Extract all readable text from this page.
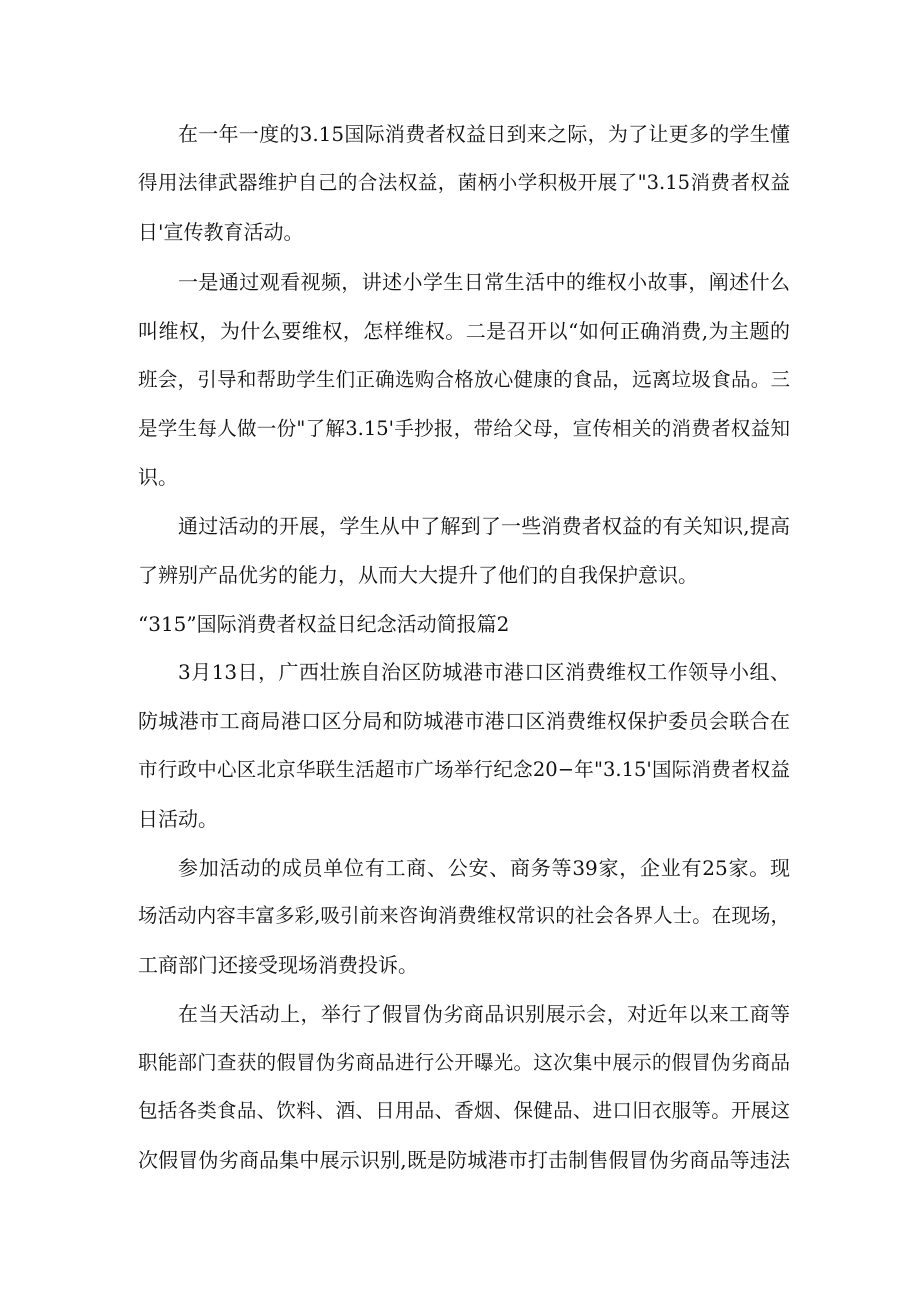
在一年一度的3.15国际消费者权益日到来之际，为了让更多的学生懂
得用法律武器维护自己的合法权益，菌柄小学积极开展了"3.15消费者权益
日'宣传教育活动。
一是通过观看视频，讲述小学生日常生活中的维权小故事，阐述什么
叫维权，为什么要维权，怎样维权。二是召开以“如何正确消费,为主题的
班会，引导和帮助学生们正确选购合格放心健康的食品，远离垃圾食品。三
是学生每人做一份"了解3.15'手抄报，带给父母，宣传相关的消费者权益知
识。
通过活动的开展，学生从中了解到了一些消费者权益的有关知识,提高
了辨别产品优劣的能力，从而大大提升了他们的自我保护意识。
“315”国际消费者权益日纪念活动简报篇2
3月13日，广西壮族自治区防城港市港口区消费维权工作领导小组、
防城港市工商局港口区分局和防城港市港口区消费维权保护委员会联合在
市行政中心区北京华联生活超市广场举行纪念20−年"3.15'国际消费者权益
日活动。
参加活动的成员单位有工商、公安、商务等39家，企业有25家。现
场活动内容丰富多彩,吸引前来咨询消费维权常识的社会各界人士。在现场，
工商部门还接受现场消费投诉。
在当天活动上，举行了假冒伪劣商品识别展示会，对近年以来工商等
职能部门查获的假冒伪劣商品进行公开曝光。这次集中展示的假冒伪劣商品
包括各类食品、饮料、酒、日用品、香烟、保健品、进口旧衣服等。开展这
次假冒伪劣商品集中展示识别,既是防城港市打击制售假冒伪劣商品等违法
